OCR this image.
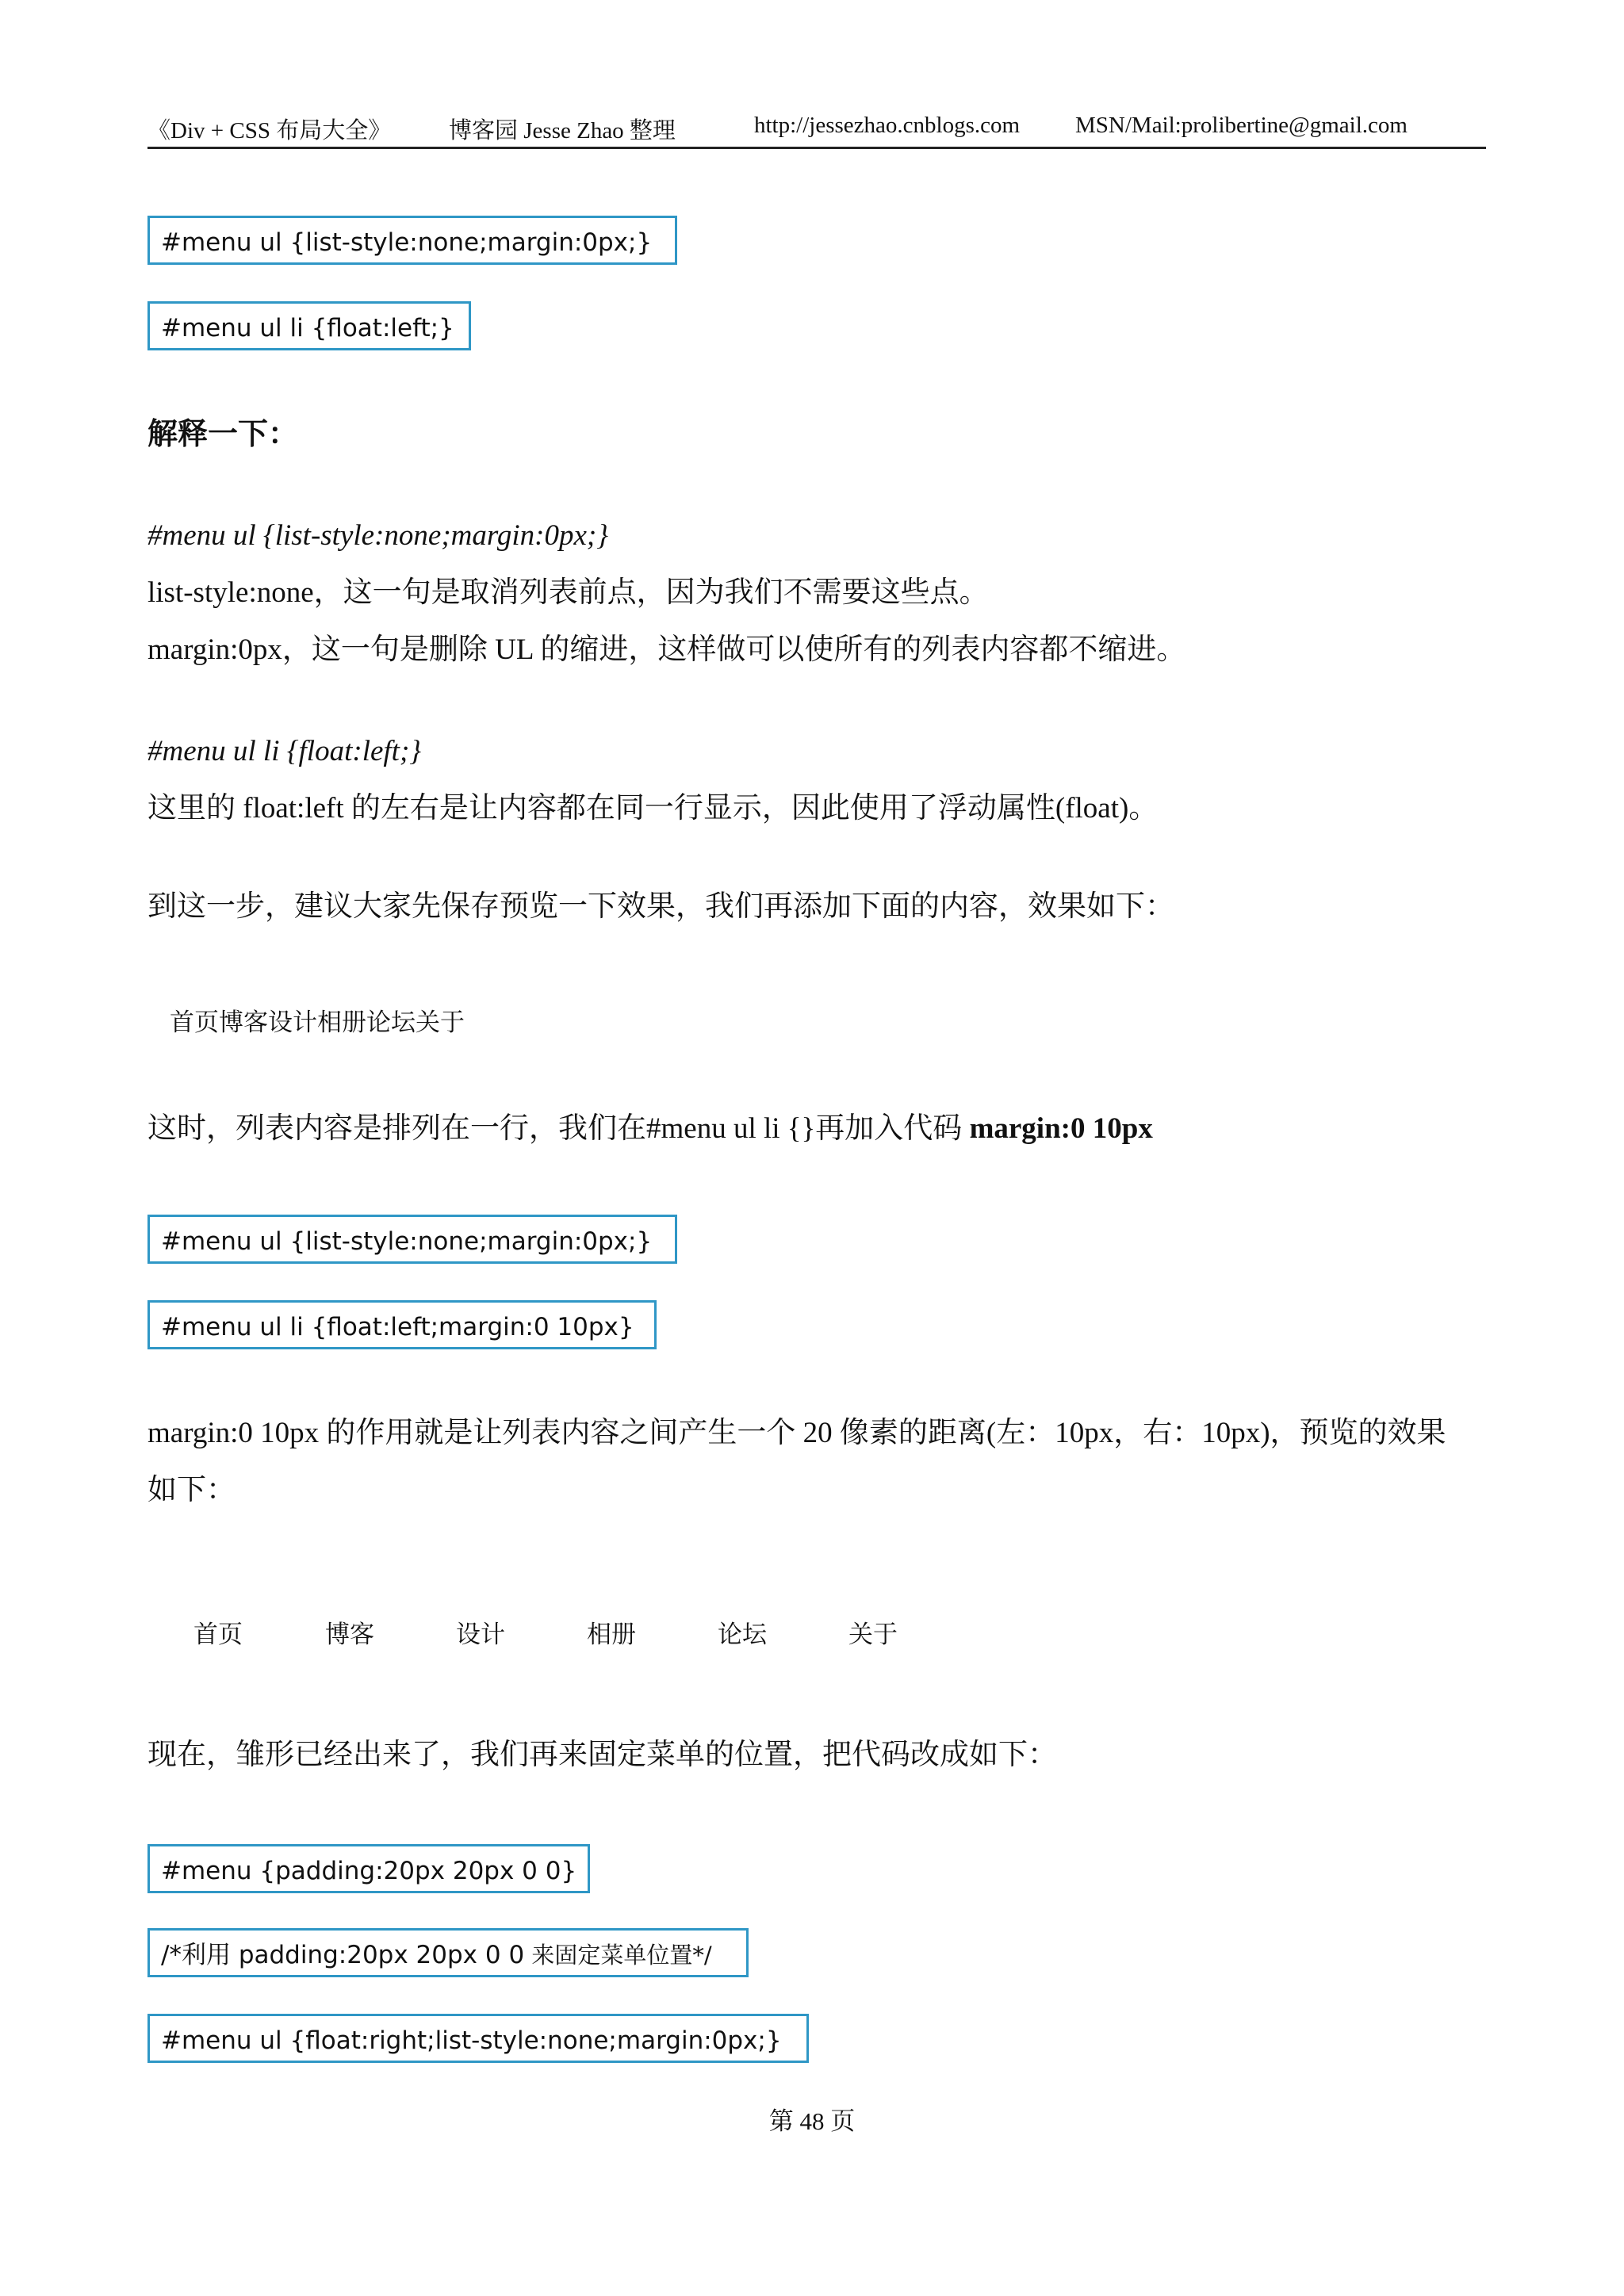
《Div + CSS 布局大全》	博客园 Jesse Zhao 整理	http://jessezhao.cnblogs.com MSN/Mail:prolibertine@gmail.com
#menu ul {list-style:none;margin:0px;}
#menu ul li {float:left;}
解释一下：
#menu ul {list-style:none;margin:0px;}
list-style:none，这一句是取消列表前点，因为我们不需要这些点。
margin:0px，这一句是删除 UL 的缩进，这样做可以使所有的列表内容都不缩进。
#menu ul li {float:left;}
这里的 float:left 的左右是让内容都在同一行显示，因此使用了浮动属性(float)。
到这一步，建议大家先保存预览一下效果，我们再添加下面的内容，效果如下：
首页博客设计相册论坛关于
这时，列表内容是排列在一行，我们在#menu ul li {}再加入代码 margin:0 10px
#menu ul {list-style:none;margin:0px;}
#menu ul li {float:left;margin:0 10px}
margin:0 10px 的作用就是让列表内容之间产生一个 20 像素的距离(左：10px，右：10px)，预览的效果
如下：
首页	博客	设计	相册	论坛	关于
现在，雏形已经出来了，我们再来固定菜单的位置，把代码改成如下：
#menu {padding:20px 20px 0 0}
/*利用 padding:20px 20px 0 0 来固定菜单位置*/
#menu ul {float:right;list-style:none;margin:0px;}
第 48 页
